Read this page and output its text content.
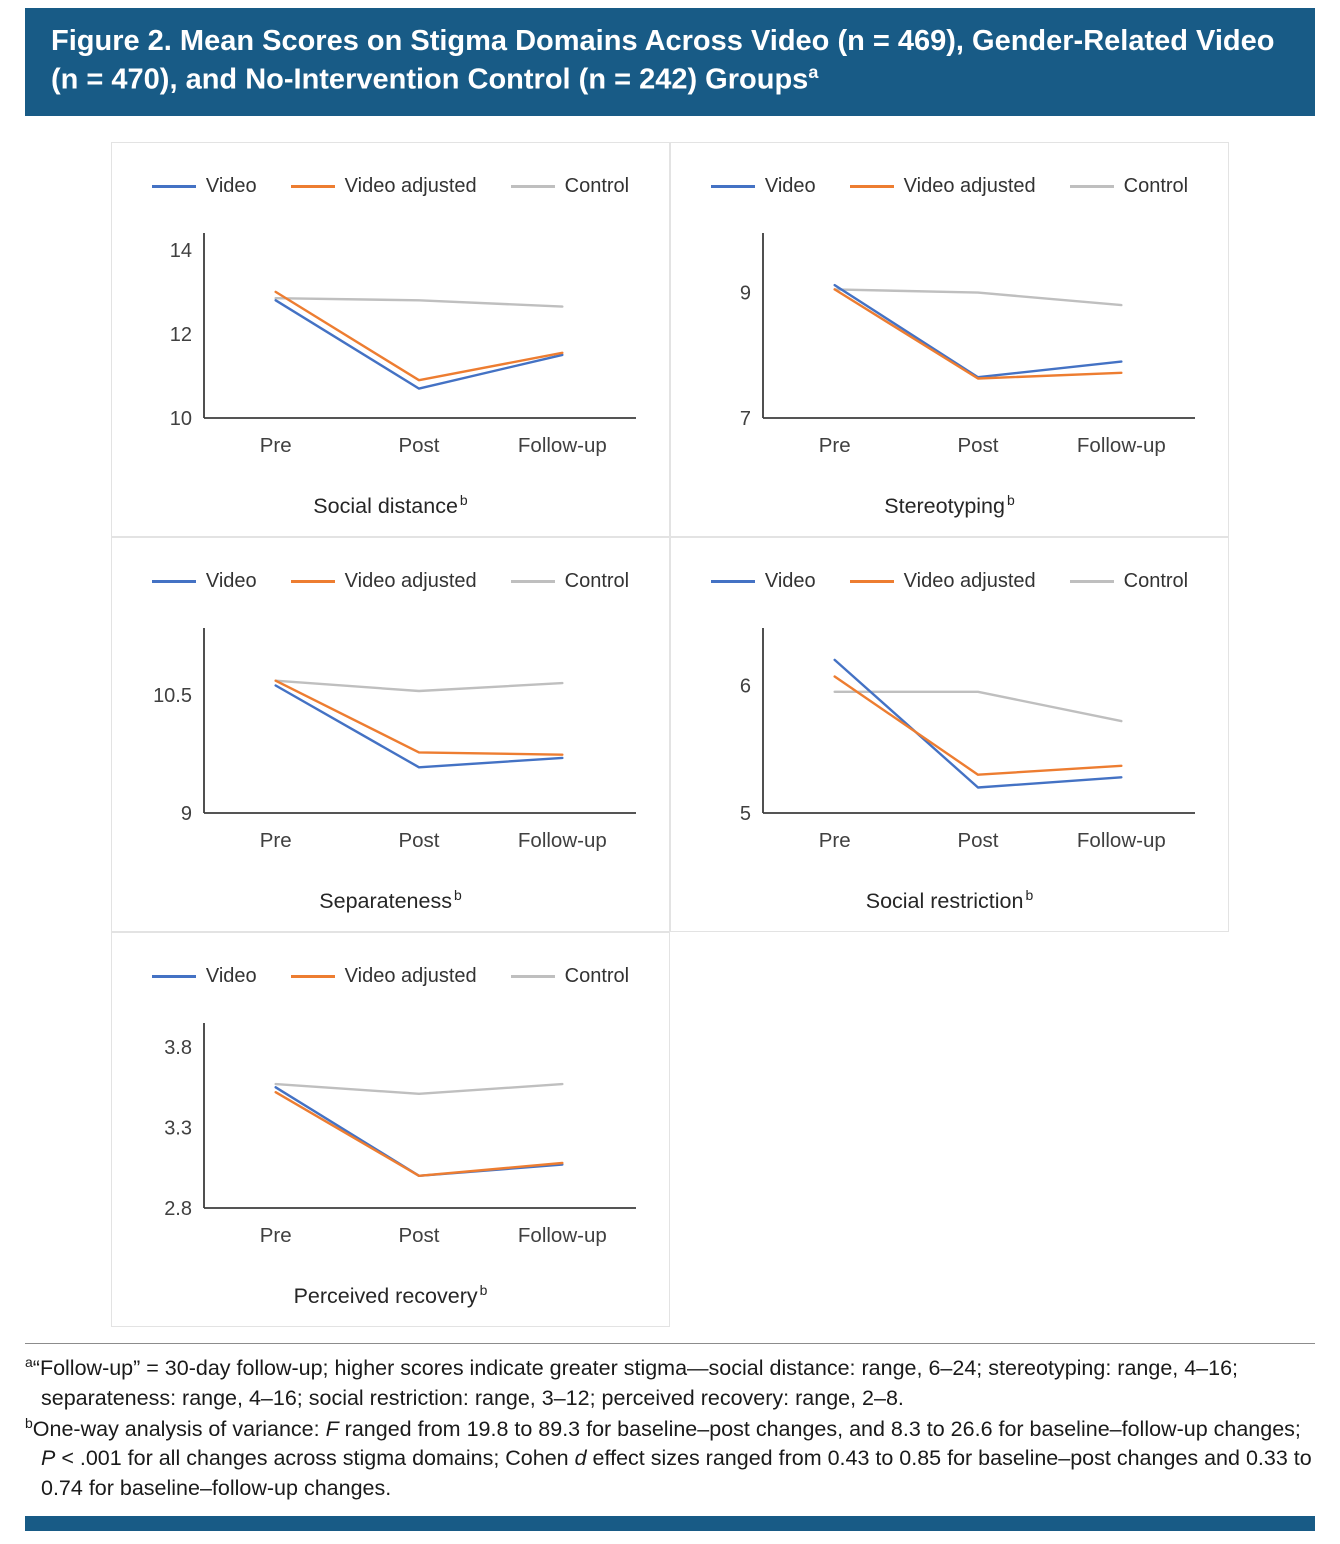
Figure 2. Mean Scores on Stigma Domains Across Video (n = 469), Gender-Related Video (n = 470), and No-Intervention Control (n = 242) Groups$^a$
Video	Video adjusted	Control
14
12
10
Pre	Post	Follow-up
Social distance $^b$
Video	Video adjusted	Control
9
7
Pre	Post	Follow-up
Stereotyping $^b$
Video	Video adjusted	Control
10.5
9
Pre	Post	Follow-up
Separateness $^b$
Video	Video adjusted	Control
6
5
Pre	Post	Follow-up
Social restriction $^b$
Video	Video adjusted	Control
3.8
3.3
2.8
Pre	Post	Follow-up
Perceived recovery $^b$

$^a$“Follow-up” = 30-day follow-up; higher scores indicate greater stigma—social distance: range, 6–24; stereotyping: range, 4–16; separateness: range, 4–16; social restriction: range, 3–12; perceived recovery: range, 2–8.

$^b$One-way analysis of variance: F ranged from 19.8 to 89.3 for baseline–post changes, and 8.3 to 26.6 for baseline–follow-up changes; P < .001 for all changes across stigma domains; Cohen d effect sizes ranged from 0.43 to 0.85 for baseline–post changes and 0.33 to 0.74 for baseline–follow-up changes.
